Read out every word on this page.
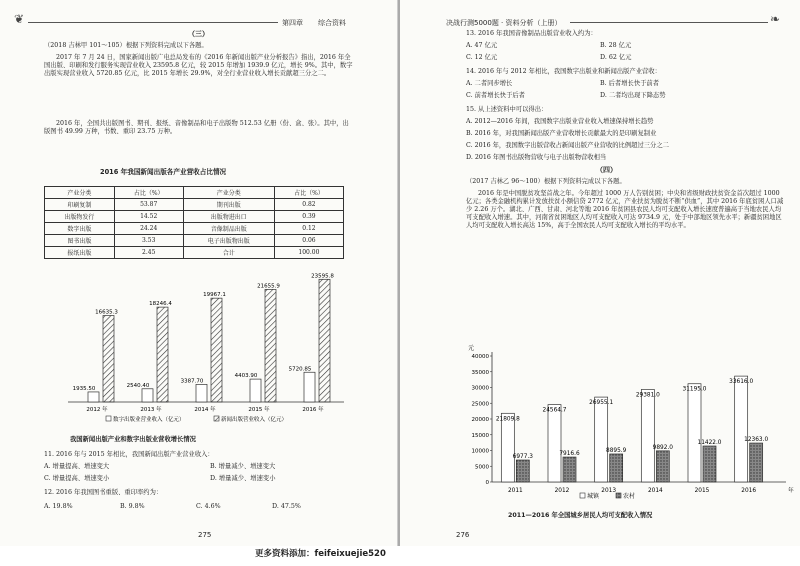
❦	第四章 综合资料
（三）
（2018 吉林甲 101～105）根据下列资料完成以下各题。
2017 年 7 月 24 日，国家新闻出版广电总局发布的《2016 年新闻出版产业分析报告》指出，2016 年全国出版、印刷和发行服务实现营业收入 23595.8 亿元，较 2015 年增加 1939.9 亿元，增长 9%。其中，数字出版实现营业收入 5720.85 亿元，比 2015 年增长 29.9%，对全行业营业收入增长贡献超三分之二。
2016 年，全国共出版图书、期刊、报纸、音像制品和电子出版物 512.53 亿册（份、盒、张）。其中，出版图书 49.99 万种，书数、重印 23.75 万种。
2016 年我国新闻出版各产业营收占比情况
产业分类	占比（%）	产业分类	占比（%）
印刷复制	53.87	期刊出版	0.82
出版物发行	14.52	出版物进出口	0.39
数字出版	24.24	音像制品出版	0.12
图书出版	3.53	电子出版物出版	0.06
报纸出版	2.45	合计	100.00
1935.50
16635.3
2012 年
2540.40
18246.4
2013 年
3387.70
19967.1
2014 年
4403.90
21655.9
2015 年
5720.85
23595.8
2016 年
数字出版业营业收入（亿元）	新闻出版营业收入（亿元）
我国新闻出版产业和数字出版业营收增长情况
11. 2016 年与 2015 年相比，我国新闻出版产业营业收入：
A. 增量提高、增速变大	B. 增量减少、增速变大
C. 增量提高、增速变小	D. 增量减少、增速变小
12. 2016 年我国图书重版、重印率约为：
A. 19.8%	B. 9.8%	C. 4.6%	D. 47.5%
275
决战行测5000题 · 资料分析（上册）	❧
13. 2016 年我国音像制品出版营业收入约为：
A. 47 亿元	B. 28 亿元
C. 12 亿元	D. 62 亿元
14. 2016 年与 2012 年相比，我国数字出版业和新闻出版产业营收：
A. 二者同步增长	B. 后者增长快于前者
C. 前者增长快于后者	D. 二者均出现下降态势
15. 从上述资料中可以得出：
A. 2012—2016 年间，我国数字出版业营业收入增速保持增长趋势
B. 2016 年，对我国新闻出版产业营收增长贡献最大的是印刷复制业
C. 2016 年，我国数字出版营收占新闻出版产业营收的比例超过三分之二
D. 2016 年图书出版物营收与电子出版物营收相当
（四）
（2017 吉林乙 96～100）根据下列资料完成以下各题。
2016 年是中国脱贫攻坚首战之年。今年超过 1000 万人告别贫困；中央和省级财政扶贫资金首次超过 1000 亿元；各类金融机构累计发放扶贫小额信贷 2772 亿元，产业扶贫为脱贫不断“供血”，其中 2016 年底贫困人口减少 2.26 万个。湖北、广西、甘肃、河北等地 2016 年贫困县农民人均可支配收入增长速度普遍高于当地农民人均可支配收入增速。其中，河南省贫困地区人均可支配收入可达 9734.9 元，处于中部地区领先水平；新疆贫困地区人均可支配收入增长高达 15%，高于全国农民人均可支配收入增长的平均水平。
元
0
5000
10000
15000
20000
25000
30000
35000
40000
21809.8
6977.3
2011
24564.7
7916.6
2012
26955.1
8895.9
2013
29381.0
9892.0
2014
31195.0
11422.0
2015
33616.0
12363.0
2016	年
城镇	农村
2011—2016 年全国城乡居民人均可支配收入情况
276
更多资料添加：feifeixuejie520
